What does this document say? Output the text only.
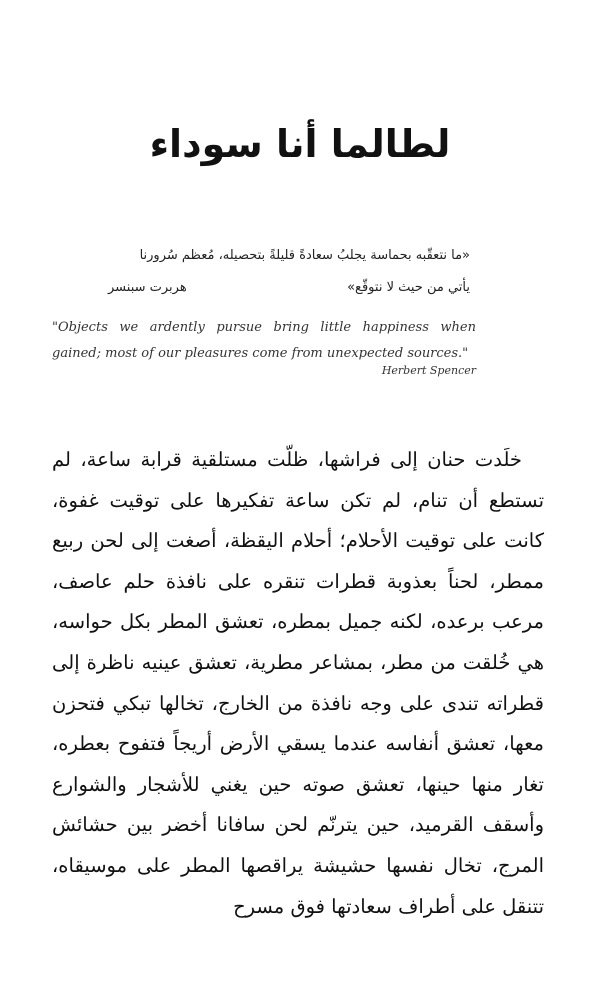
لطالما أنا سوداء
«ما نتعقّبه بحماسة يجلبُ سعادةً قليلةً بتحصيله، مُعظم سُرورنا
يأتي من حيث لا نتوقّع»
هربرت سبنسر
"Objects we ardently pursue bring little happiness when gained; most of our pleasures come from unexpected sources."
Herbert Spencer

خلَدت حنان إلى فراشها، ظلّت مستلقية قرابة ساعة، لم تستطع أن تنام، لم تكن ساعة تفكيرها على توقيت غفوة، كانت على توقيت الأحلام؛ أحلام اليقظة، أصغت إلى لحن ربيع ممطر، لحناً بعذوبة قطرات تنقره على نافذة حلم عاصف، مرعب برعده، لكنه جميل بمطره، تعشق المطر بكل حواسه، هي خُلقت من مطر، بمشاعر مطرية، تعشق عينيه ناظرة إلى قطراته تندى على وجه نافذة من الخارج، تخالها تبكي فتحزن معها، تعشق أنفاسه عندما يسقي الأرض أريجاً فتفوح بعطره، تغار منها حينها، تعشق صوته حين يغني للأشجار والشوارع وأسقف القرميد، حين يترنّم لحن سافانا أخضر بين حشائش المرج، تخال نفسها حشيشة يراقصها المطر على موسيقاه، تتنقل على أطراف سعادتها فوق مسرح
